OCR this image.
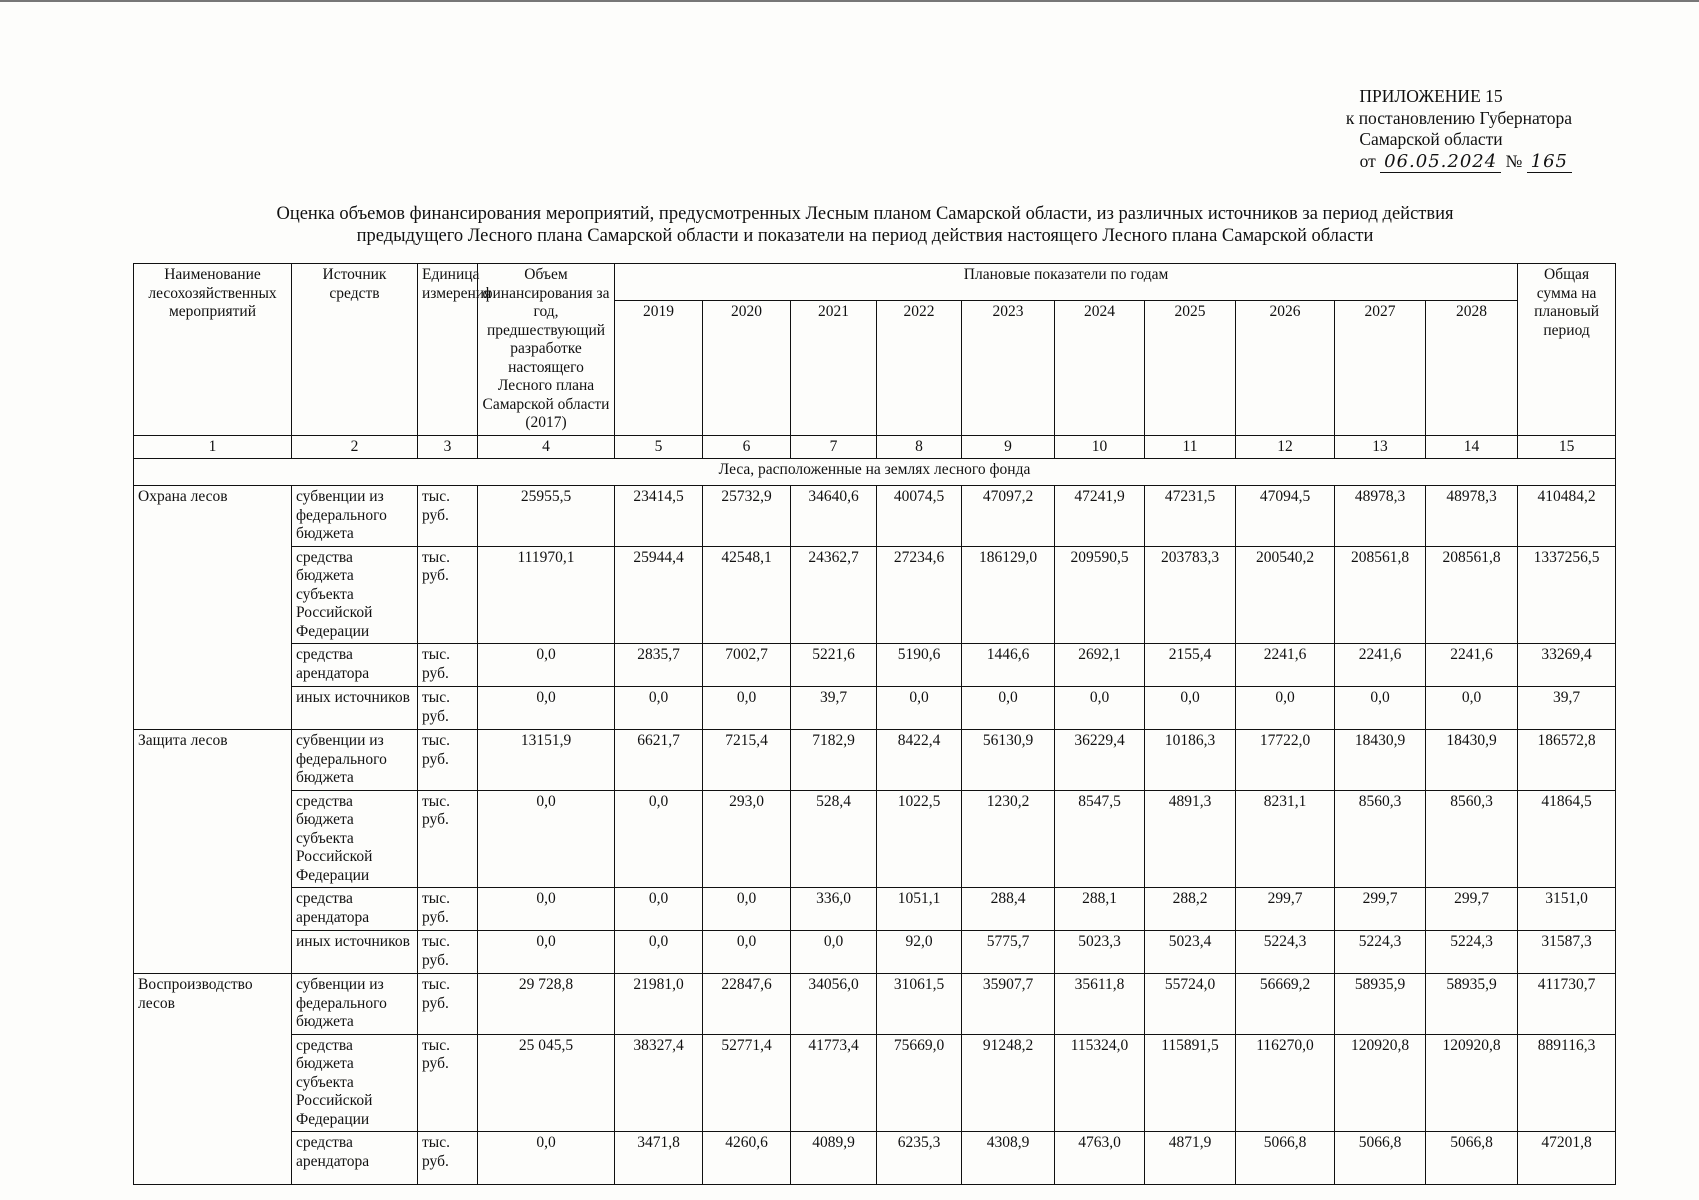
ПРИЛОЖЕНИЕ 15
к постановлению Губернатора
Самарской области
от 06.05.2024 № 165
Оценка объемов финансирования мероприятий, предусмотренных Лесным планом Самарской области, из различных источников за период действия
предыдущего Лесного плана Самарской области и показатели на период действия настоящего Лесного плана Самарской области
Наименование лесохозяйственных мероприятий	Источник средств	Единица измерения	Объем финансирования за год, предшествующий разработке настоящего Лесного плана Самарской области (2017)	Плановые показатели по годам										Общая сумма на плановый период
				2019	2020	2021	2022	2023	2024	2025	2026	2027	2028	
1	2	3	4	5	6	7	8	9	10	11	12	13	14	15
Леса, расположенные на землях лесного фонда														
Охрана лесов	субвенции из федерального бюджета	тыс. руб.	25955,5	23414,5	25732,9	34640,6	40074,5	47097,2	47241,9	47231,5	47094,5	48978,3	48978,3	410484,2
	средства бюджета субъекта Российской Федерации	тыс. руб.	111970,1	25944,4	42548,1	24362,7	27234,6	186129,0	209590,5	203783,3	200540,2	208561,8	208561,8	1337256,5
	средства арендатора	тыс. руб.	0,0	2835,7	7002,7	5221,6	5190,6	1446,6	2692,1	2155,4	2241,6	2241,6	2241,6	33269,4
	иных источников	тыс. руб.	0,0	0,0	0,0	39,7	0,0	0,0	0,0	0,0	0,0	0,0	0,0	39,7
Защита лесов	субвенции из федерального бюджета	тыс. руб.	13151,9	6621,7	7215,4	7182,9	8422,4	56130,9	36229,4	10186,3	17722,0	18430,9	18430,9	186572,8
	средства бюджета субъекта Российской Федерации	тыс. руб.	0,0	0,0	293,0	528,4	1022,5	1230,2	8547,5	4891,3	8231,1	8560,3	8560,3	41864,5
	средства арендатора	тыс. руб.	0,0	0,0	0,0	336,0	1051,1	288,4	288,1	288,2	299,7	299,7	299,7	3151,0
	иных источников	тыс. руб.	0,0	0,0	0,0	0,0	92,0	5775,7	5023,3	5023,4	5224,3	5224,3	5224,3	31587,3
Воспроизводство лесов	субвенции из федерального бюджета	тыс. руб.	29 728,8	21981,0	22847,6	34056,0	31061,5	35907,7	35611,8	55724,0	56669,2	58935,9	58935,9	411730,7
	средства бюджета субъекта Российской Федерации	тыс. руб.	25 045,5	38327,4	52771,4	41773,4	75669,0	91248,2	115324,0	115891,5	116270,0	120920,8	120920,8	889116,3
	средства арендатора	тыс. руб.	0,0	3471,8	4260,6	4089,9	6235,3	4308,9	4763,0	4871,9	5066,8	5066,8	5066,8	47201,8
